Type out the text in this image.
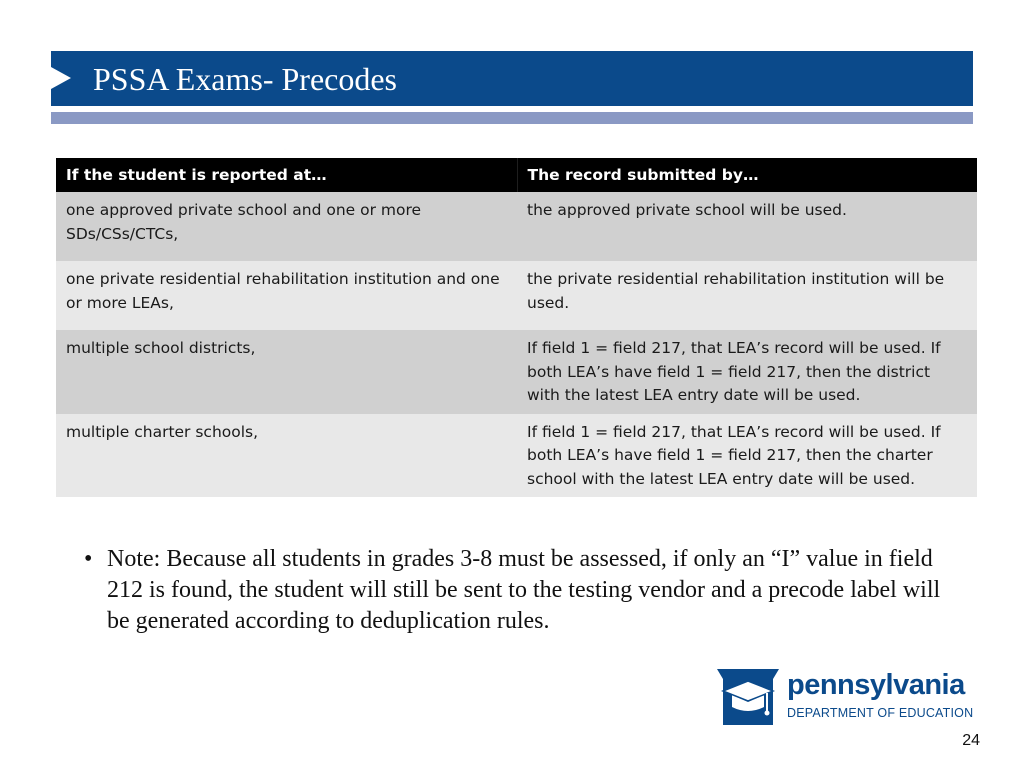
PSSA Exams- Precodes
If the student is reported at…	The record submitted by…
one approved private school and one or more SDs/CSs/CTCs,	the approved private school will be used.
one private residential rehabilitation institution and one or more LEAs,	the private residential rehabilitation institution will be used.
multiple school districts,	If field 1 = field 217, that LEA’s record will be used. If both LEA’s have field 1 = field 217, then the district with the latest LEA entry date will be used.
multiple charter schools,	If field 1 = field 217, that LEA’s record will be used. If both LEA’s have field 1 = field 217, then the charter school with the latest LEA entry date will be used.
• Note: Because all students in grades 3-8 must be assessed, if only an “I” value in field 212 is found, the student will still be sent to the testing vendor and a precode label will be generated according to deduplication rules.
pennsylvania
DEPARTMENT OF EDUCATION
24
